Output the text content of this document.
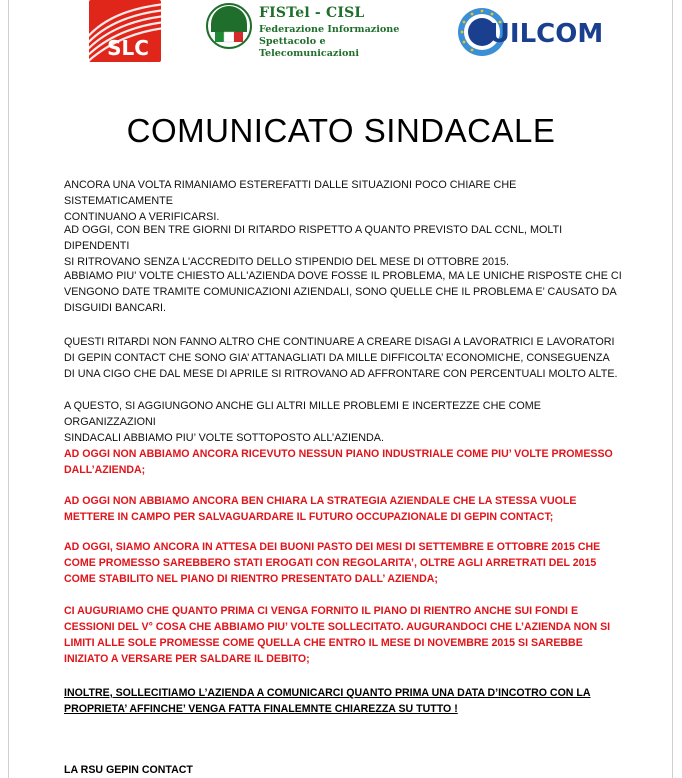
SLC
FISTel - CISL
Federazione Informazione
Spettacolo e Telecomunicazioni
UILCOM
COMUNICATO SINDACALE
ANCORA UNA VOLTA RIMANIAMO ESTEREFATTI DALLE SITUAZIONI POCO CHIARE CHE SISTEMATICAMENTE
CONTINUANO A VERIFICARSI.
AD OGGI, CON BEN TRE GIORNI DI RITARDO RISPETTO A QUANTO PREVISTO DAL CCNL, MOLTI DIPENDENTI
SI RITROVANO SENZA L'ACCREDITO DELLO STIPENDIO DEL MESE DI OTTOBRE 2015.
ABBIAMO PIU' VOLTE CHIESTO ALL'AZIENDA DOVE FOSSE IL PROBLEMA, MA LE UNICHE RISPOSTE CHE CI
VENGONO DATE TRAMITE COMUNICAZIONI AZIENDALI, SONO QUELLE CHE IL PROBLEMA E’ CAUSATO DA
DISGUIDI BANCARI.
QUESTI RITARDI NON FANNO ALTRO CHE CONTINUARE A CREARE DISAGI A LAVORATRICI E LAVORATORI
DI GEPIN CONTACT CHE SONO GIA’ ATTANAGLIATI DA MILLE DIFFICOLTA’ ECONOMICHE, CONSEGUENZA
DI UNA CIGO CHE DAL MESE DI APRILE SI RITROVANO AD AFFRONTARE CON PERCENTUALI MOLTO ALTE.
A QUESTO, SI AGGIUNGONO ANCHE GLI ALTRI MILLE PROBLEMI E INCERTEZZE CHE COME ORGANIZZAZIONI
SINDACALI ABBIAMO PIU’ VOLTE SOTTOPOSTO ALL’AZIENDA.
AD OGGI NON ABBIAMO ANCORA RICEVUTO NESSUN PIANO INDUSTRIALE COME PIU’ VOLTE PROMESSO
DALL’AZIENDA;
AD OGGI NON ABBIAMO ANCORA BEN CHIARA LA STRATEGIA AZIENDALE CHE LA STESSA VUOLE
METTERE IN CAMPO PER SALVAGUARDARE IL FUTURO OCCUPAZIONALE DI GEPIN CONTACT;
AD OGGI, SIAMO ANCORA IN ATTESA DEI BUONI PASTO DEI MESI DI SETTEMBRE E OTTOBRE 2015 CHE
COME PROMESSO SAREBBERO STATI EROGATI CON REGOLARITA’, OLTRE AGLI ARRETRATI DEL 2015
COME STABILITO NEL PIANO DI RIENTRO PRESENTATO DALL’ AZIENDA;
CI AUGURIAMO CHE QUANTO PRIMA CI VENGA FORNITO IL PIANO DI RIENTRO ANCHE SUI FONDI E
CESSIONI DEL V° COSA CHE ABBIAMO PIU’ VOLTE SOLLECITATO. AUGURANDOCI CHE L’AZIENDA NON SI
LIMITI ALLE SOLE PROMESSE COME QUELLA CHE ENTRO IL MESE DI NOVEMBRE 2015 SI SAREBBE
INIZIATO A VERSARE PER SALDARE IL DEBITO;
INOLTRE, SOLLECITIAMO L’AZIENDA A COMUNICARCI QUANTO PRIMA UNA DATA D’INCOTRO CON LA
PROPRIETA’ AFFINCHE’ VENGA FATTA FINALEMNTE CHIAREZZA SU TUTTO !
LA RSU GEPIN CONTACT
